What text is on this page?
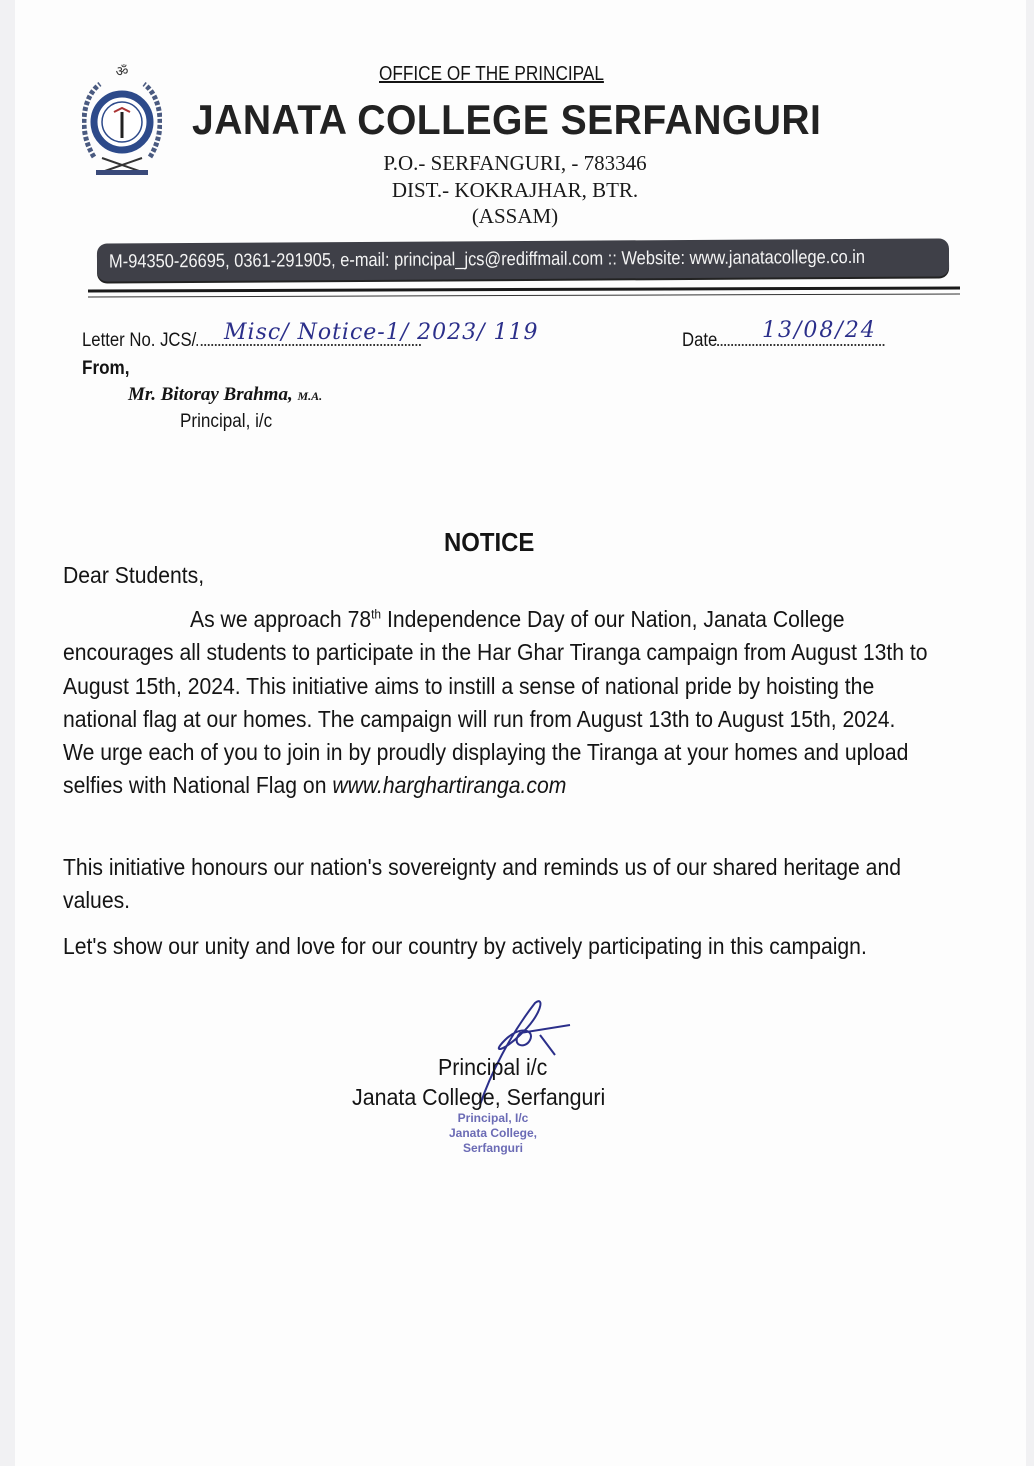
ॐ	OFFICE OF THE PRINCIPAL
JANATA COLLEGE SERFANGURI
P.O.- SERFANGURI, - 783346
DIST.- KOKRAJHAR, BTR.
(ASSAM)
M-94350-26695, 0361-291905, e-mail: principal_jcs@rediffmail.com :: Website: www.janatacollege.co.in
Letter No. JCS/	Misc/ Notice-1/ 2023/ 119	Date	13/08/24
From,
Mr. Bitoray Brahma, M.A.
Principal, i/c
NOTICE
Dear Students,
As we approach 78th Independence Day of our Nation, Janata College encourages all students to participate in the Har Ghar Tiranga campaign from August 13th to August 15th, 2024. This initiative aims to instill a sense of national pride by hoisting the national flag at our homes. The campaign will run from August 13th to August 15th, 2024. We urge each of you to join in by proudly displaying the Tiranga at your homes and upload selfies with National Flag on www.harghartiranga.com
This initiative honours our nation's sovereignty and reminds us of our shared heritage and values.
Let's show our unity and love for our country by actively participating in this campaign.
Principal i/c
Janata College, Serfanguri
Principal, I/c
Janata College,
Serfanguri
